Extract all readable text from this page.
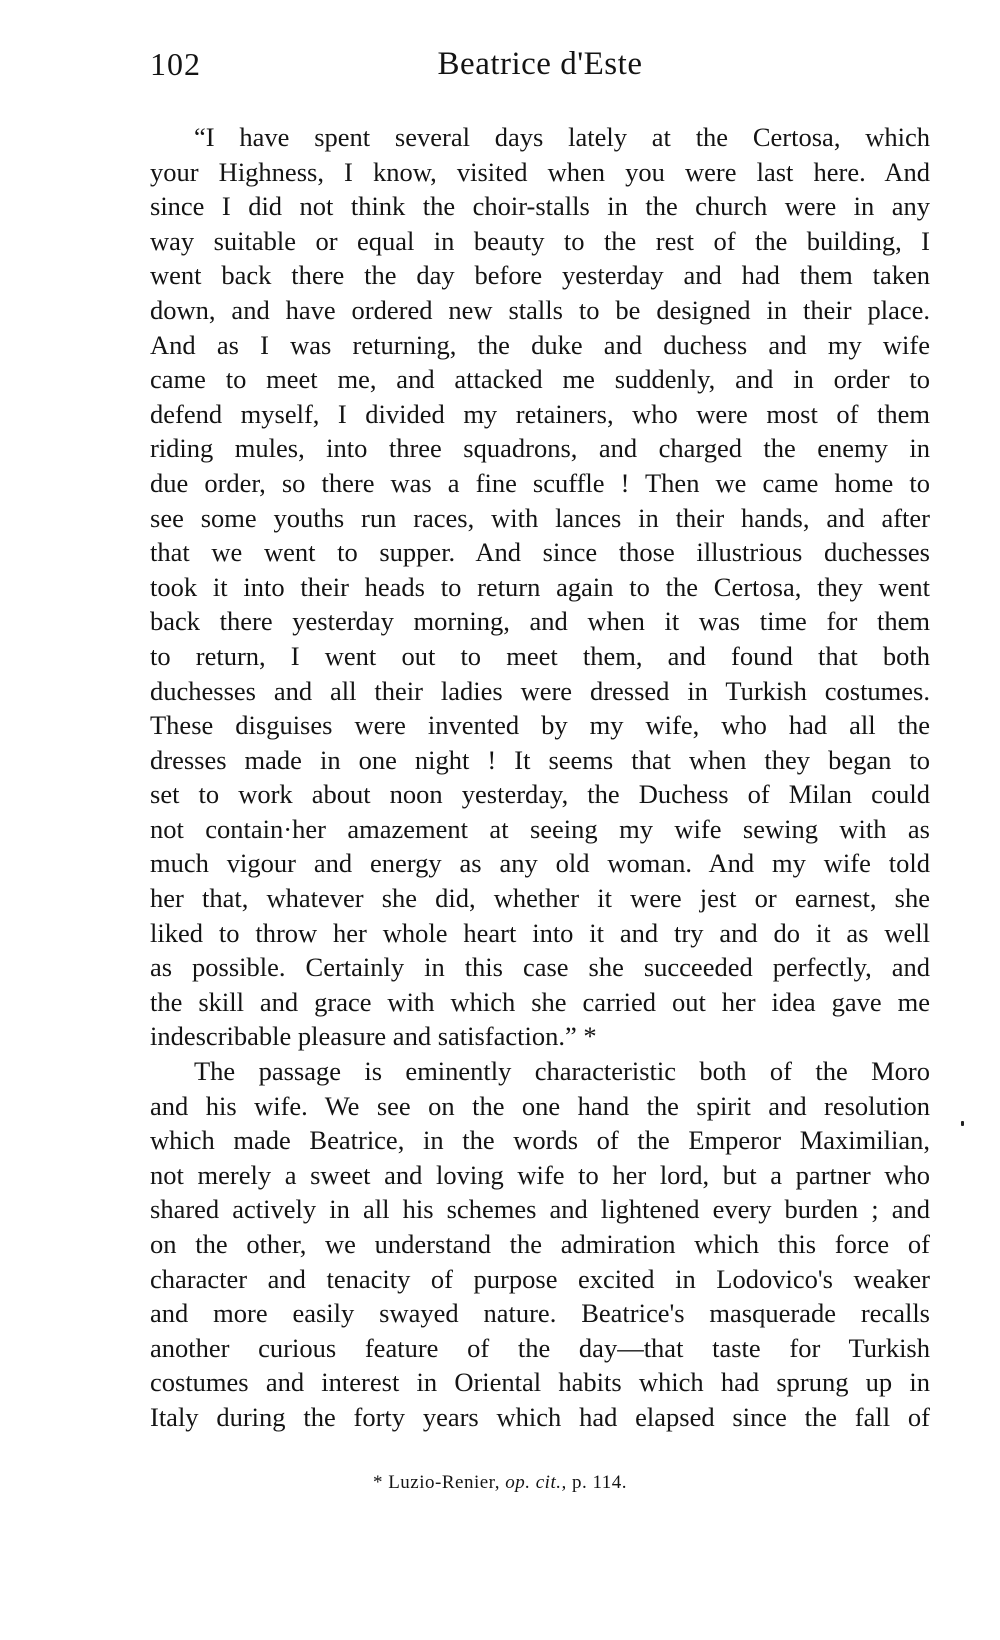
102	Beatrice d'Este
“I have spent several days lately at the Certosa, which
your Highness, I know, visited when you were last here. And
since I did not think the choir-stalls in the church were in any
way suitable or equal in beauty to the rest of the building, I
went back there the day before yesterday and had them taken
down, and have ordered new stalls to be designed in their place.
And as I was returning, the duke and duchess and my wife
came to meet me, and attacked me suddenly, and in order to
defend myself, I divided my retainers, who were most of them
riding mules, into three squadrons, and charged the enemy in
due order, so there was a fine scuffle ! Then we came home to
see some youths run races, with lances in their hands, and after
that we went to supper. And since those illustrious duchesses
took it into their heads to return again to the Certosa, they went
back there yesterday morning, and when it was time for them
to return, I went out to meet them, and found that both
duchesses and all their ladies were dressed in Turkish costumes.
These disguises were invented by my wife, who had all the
dresses made in one night ! It seems that when they began to
set to work about noon yesterday, the Duchess of Milan could
not contain·her amazement at seeing my wife sewing with as
much vigour and energy as any old woman. And my wife told
her that, whatever she did, whether it were jest or earnest, she
liked to throw her whole heart into it and try and do it as well
as possible. Certainly in this case she succeeded perfectly, and
the skill and grace with which she carried out her idea gave me
indescribable pleasure and satisfaction.” *
The passage is eminently characteristic both of the Moro
and his wife. We see on the one hand the spirit and resolution
which made Beatrice, in the words of the Emperor Maximilian,
not merely a sweet and loving wife to her lord, but a partner who
shared actively in all his schemes and lightened every burden ; and
on the other, we understand the admiration which this force of
character and tenacity of purpose excited in Lodovico's weaker
and more easily swayed nature. Beatrice's masquerade recalls
another curious feature of the day—that taste for Turkish
costumes and interest in Oriental habits which had sprung up in
Italy during the forty years which had elapsed since the fall of
* Luzio-Renier, op. cit., p. 114.
